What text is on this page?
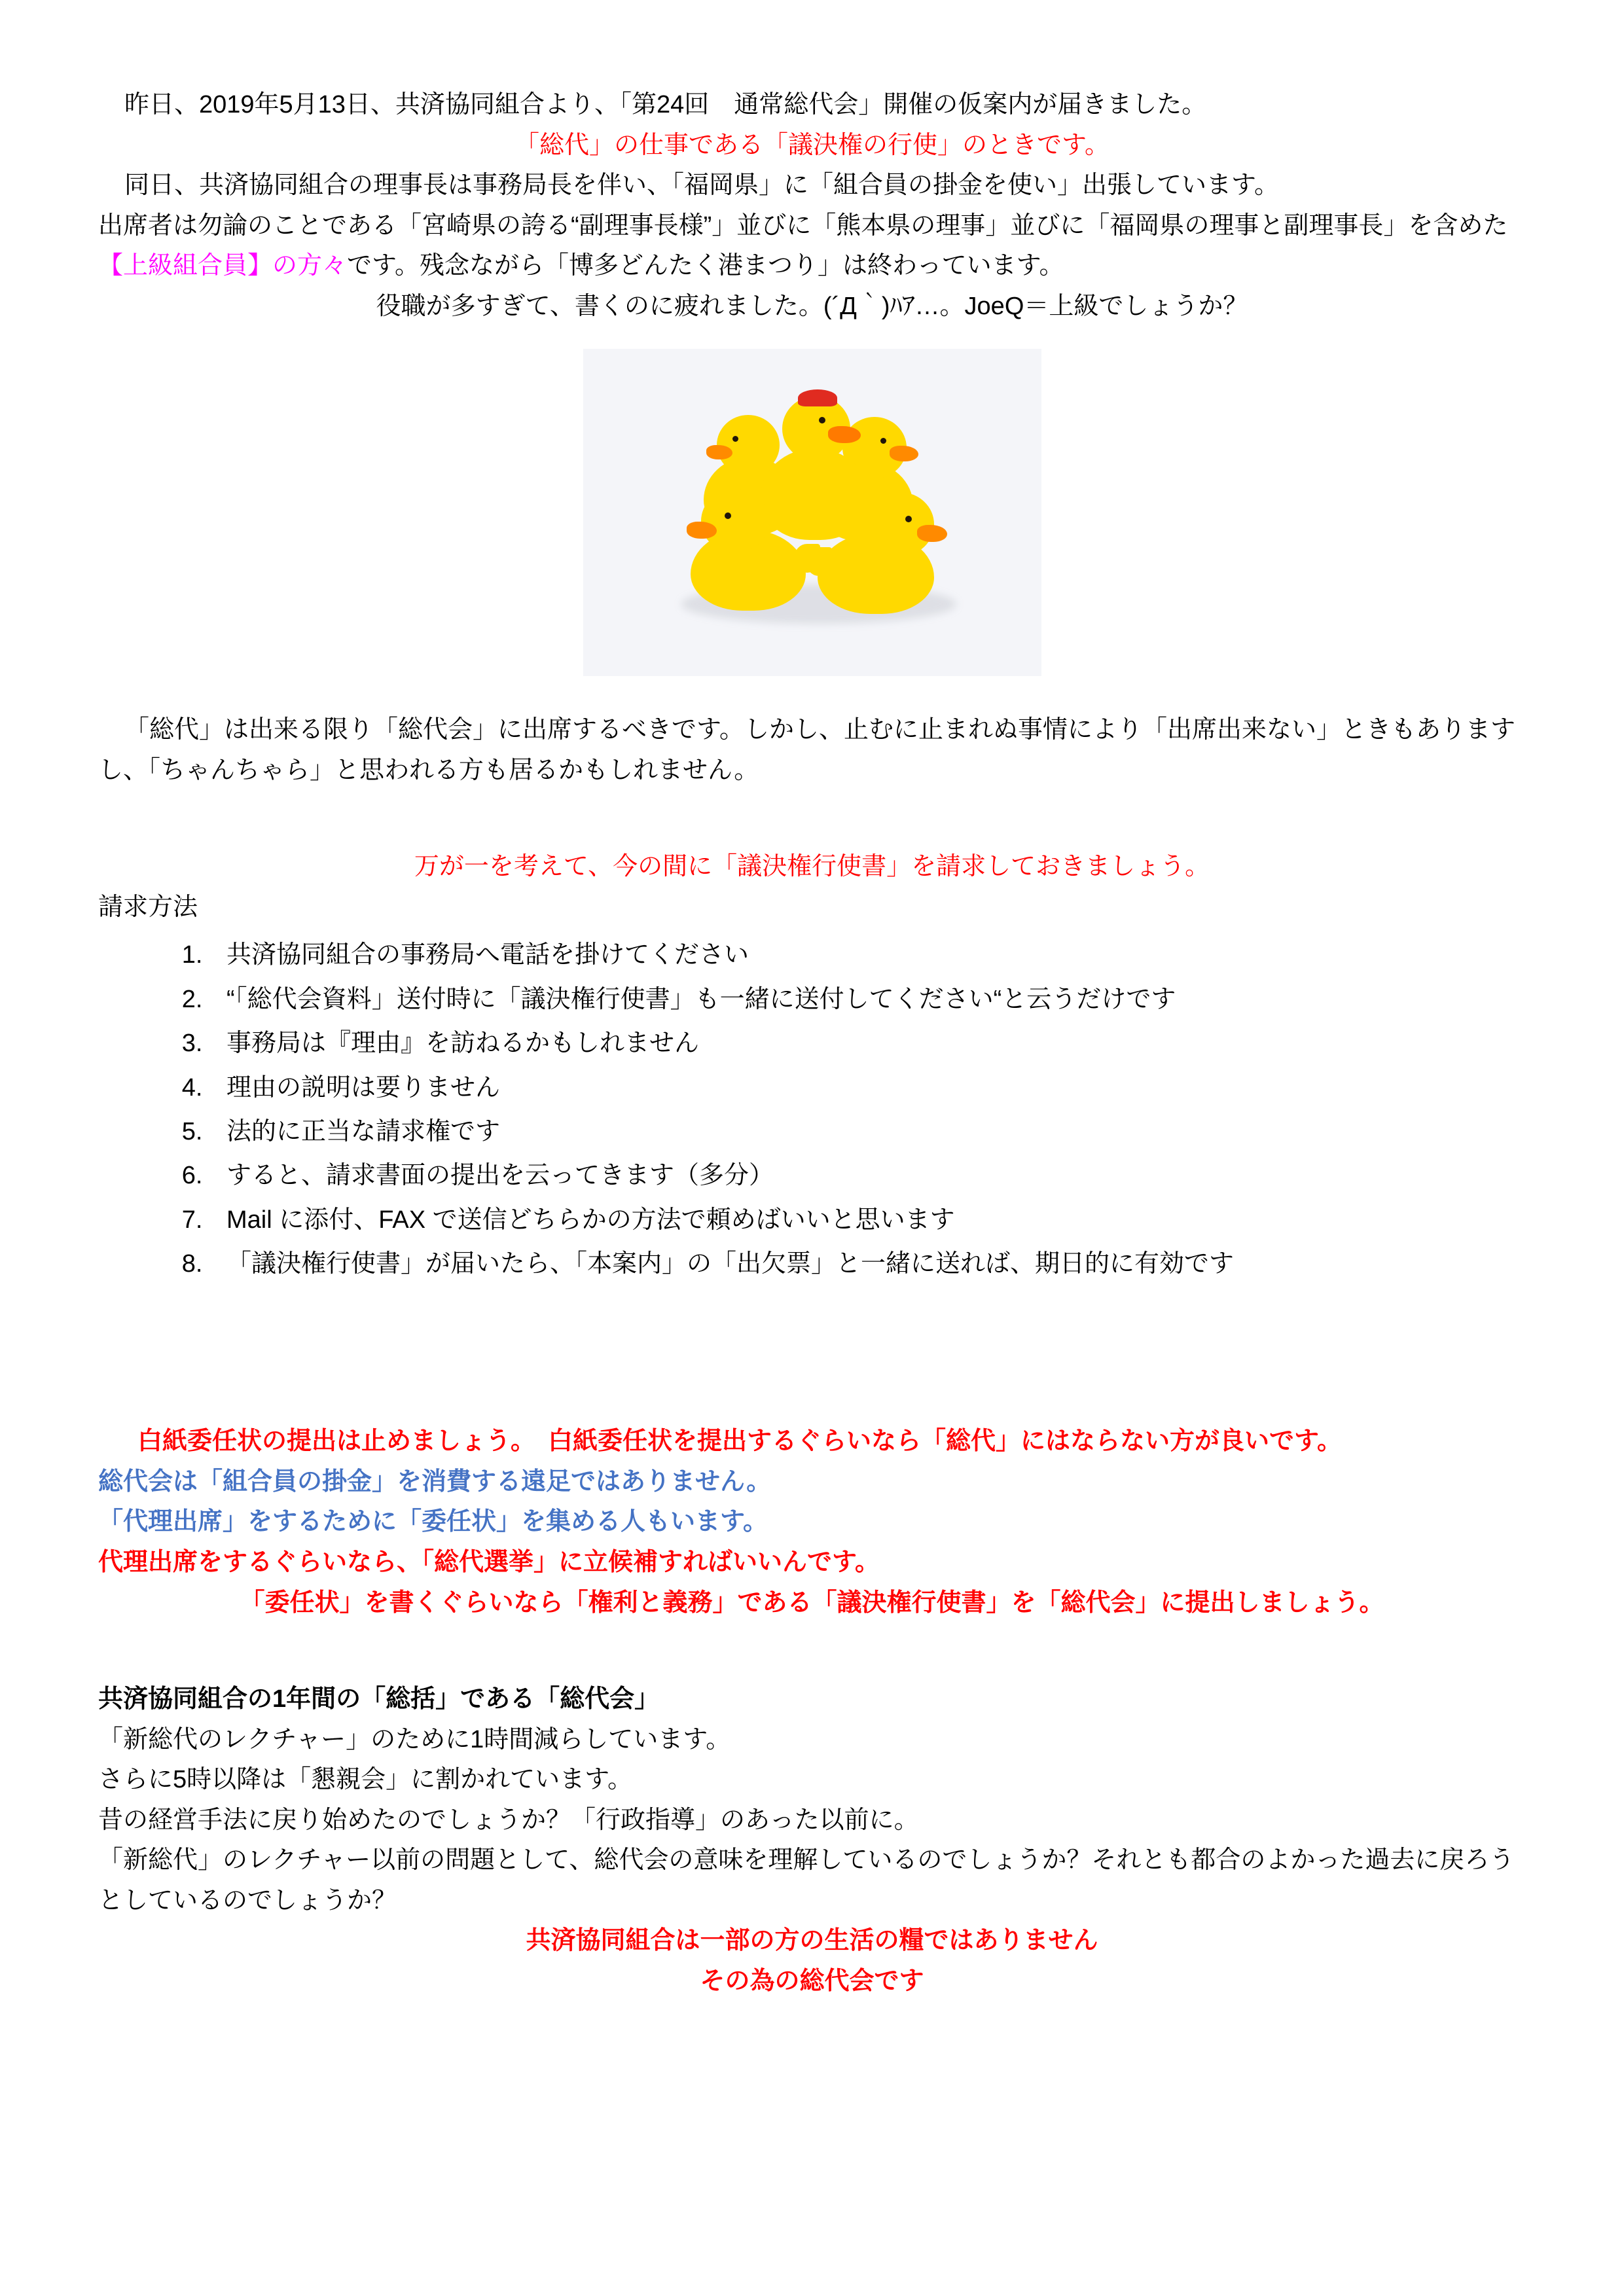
昨日、2019年5月13日、共済協同組合より、「第24回　通常総代会」開催の仮案内が届きました。

「総代」の仕事である「議決権の行使」のときです。

同日、共済協同組合の理事長は事務局長を伴い、「福岡県」に「組合員の掛金を使い」出張しています。

出席者は勿論のことである「宮崎県の誇る“副理事長様”」並びに「熊本県の理事」並びに「福岡県の理事と副理事長」を含めた【上級組合員】の方々です。残念ながら「博多どんたく港まつり」は終わっています。

役職が多すぎて、書くのに疲れました。(´Д｀)ﾊｱ…。JoeQ＝上級でしょうか？

「総代」は出来る限り「総代会」に出席するべきです。しかし、止むに止まれぬ事情により「出席出来ない」ときもありますし、「ちゃんちゃら」と思われる方も居るかもしれません。

万が一を考えて、今の間に「議決権行使書」を請求しておきましょう。

請求方法

1. 共済協同組合の事務局へ電話を掛けてください
2. “「総代会資料」送付時に「議決権行使書」も一緒に送付してください“と云うだけです
3. 事務局は『理由』を訪ねるかもしれません
4. 理由の説明は要りません
5. 法的に正当な請求権です
6. すると、請求書面の提出を云ってきます（多分）
7. Mail に添付、FAX で送信どちらかの方法で頼めばいいと思います
8. 「議決権行使書」が届いたら、「本案内」の「出欠票」と一緒に送れば、期日的に有効です

白紙委任状の提出は止めましょう。　白紙委任状を提出するぐらいなら「総代」にはならない方が良いです。

総代会は「組合員の掛金」を消費する遠足ではありません。

「代理出席」をするために「委任状」を集める人もいます。

代理出席をするぐらいなら、「総代選挙」に立候補すればいいんです。

「委任状」を書くぐらいなら「権利と義務」である「議決権行使書」を「総代会」に提出しましょう。

共済協同組合の1年間の「総括」である「総代会」

「新総代のレクチャー」のために1時間減らしています。

さらに5時以降は「懇親会」に割かれています。

昔の経営手法に戻り始めたのでしょうか？「行政指導」のあった以前に。

「新総代」のレクチャー以前の問題として、総代会の意味を理解しているのでしょうか？それとも都合のよかった過去に戻ろうとしているのでしょうか？

共済協同組合は一部の方の生活の糧ではありません

その為の総代会です
